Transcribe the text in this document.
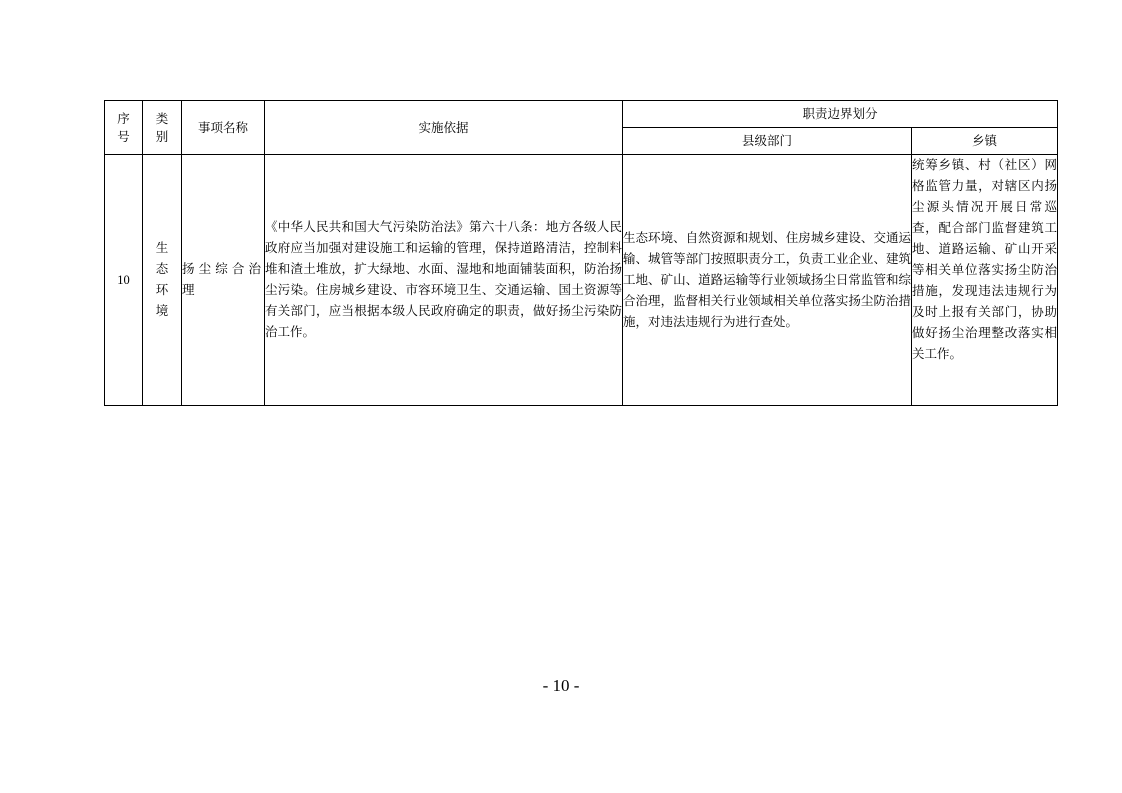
序号	类别	事项名称	实施依据	职责边界划分	
				县级部门	乡镇
10	生态环境	扬尘综合治理	《中华人民共和国大气污染防治法》第六十八条：地方各级人民政府应当加强对建设施工和运输的管理，保持道路清洁，控制料堆和渣土堆放，扩大绿地、水面、湿地和地面铺装面积，防治扬尘污染。住房城乡建设、市容环境卫生、交通运输、国土资源等有关部门，应当根据本级人民政府确定的职责，做好扬尘污染防治工作。	生态环境、自然资源和规划、住房城乡建设、交通运输、城管等部门按照职责分工，负责工业企业、建筑工地、矿山、道路运输等行业领域扬尘日常监管和综合治理，监督相关行业领域相关单位落实扬尘防治措施，对违法违规行为进行查处。	统筹乡镇、村（社区）网格监管力量，对辖区内扬尘源头情况开展日常巡查，配合部门监督建筑工地、道路运输、矿山开采等相关单位落实扬尘防治措施，发现违法违规行为及时上报有关部门，协助做好扬尘治理整改落实相关工作。
- 10 -
